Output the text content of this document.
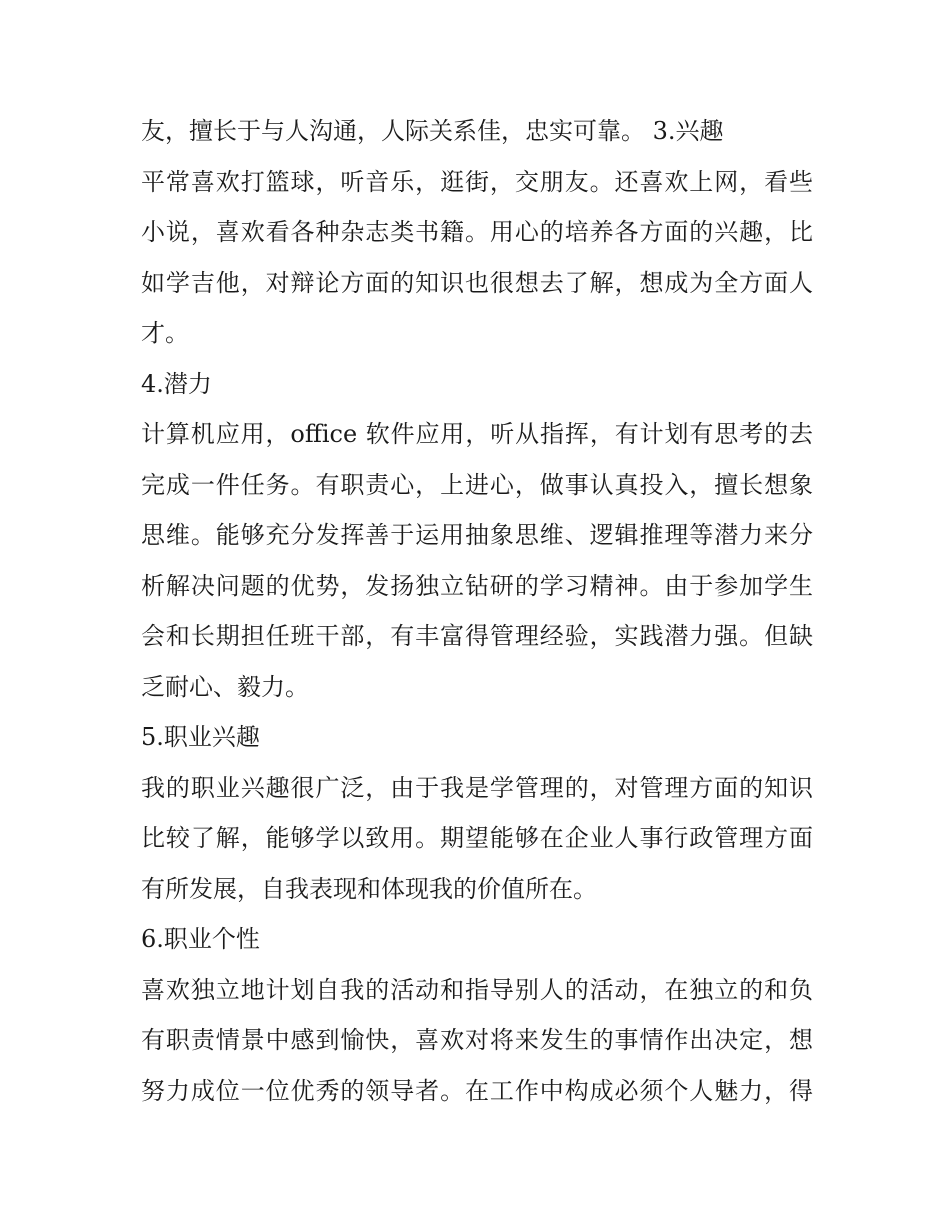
友，擅长于与人沟通，人际关系佳，忠实可靠。 3.兴趣
平常喜欢打篮球，听音乐，逛街，交朋友。还喜欢上网，看些
小说，喜欢看各种杂志类书籍。用心的培养各方面的兴趣，比
如学吉他，对辩论方面的知识也很想去了解，想成为全方面人
才。
4.潜力
计算机应用，office 软件应用，听从指挥，有计划有思考的去
完成一件任务。有职责心，上进心，做事认真投入，擅长想象
思维。能够充分发挥善于运用抽象思维、逻辑推理等潜力来分
析解决问题的优势，发扬独立钻研的学习精神。由于参加学生
会和长期担任班干部，有丰富得管理经验，实践潜力强。但缺
乏耐心、毅力。
5.职业兴趣
我的职业兴趣很广泛，由于我是学管理的，对管理方面的知识
比较了解，能够学以致用。期望能够在企业人事行政管理方面
有所发展，自我表现和体现我的价值所在。
6.职业个性
喜欢独立地计划自我的活动和指导别人的活动，在独立的和负
有职责情景中感到愉快，喜欢对将来发生的事情作出决定，想
努力成位一位优秀的领导者。在工作中构成必须个人魅力，得
